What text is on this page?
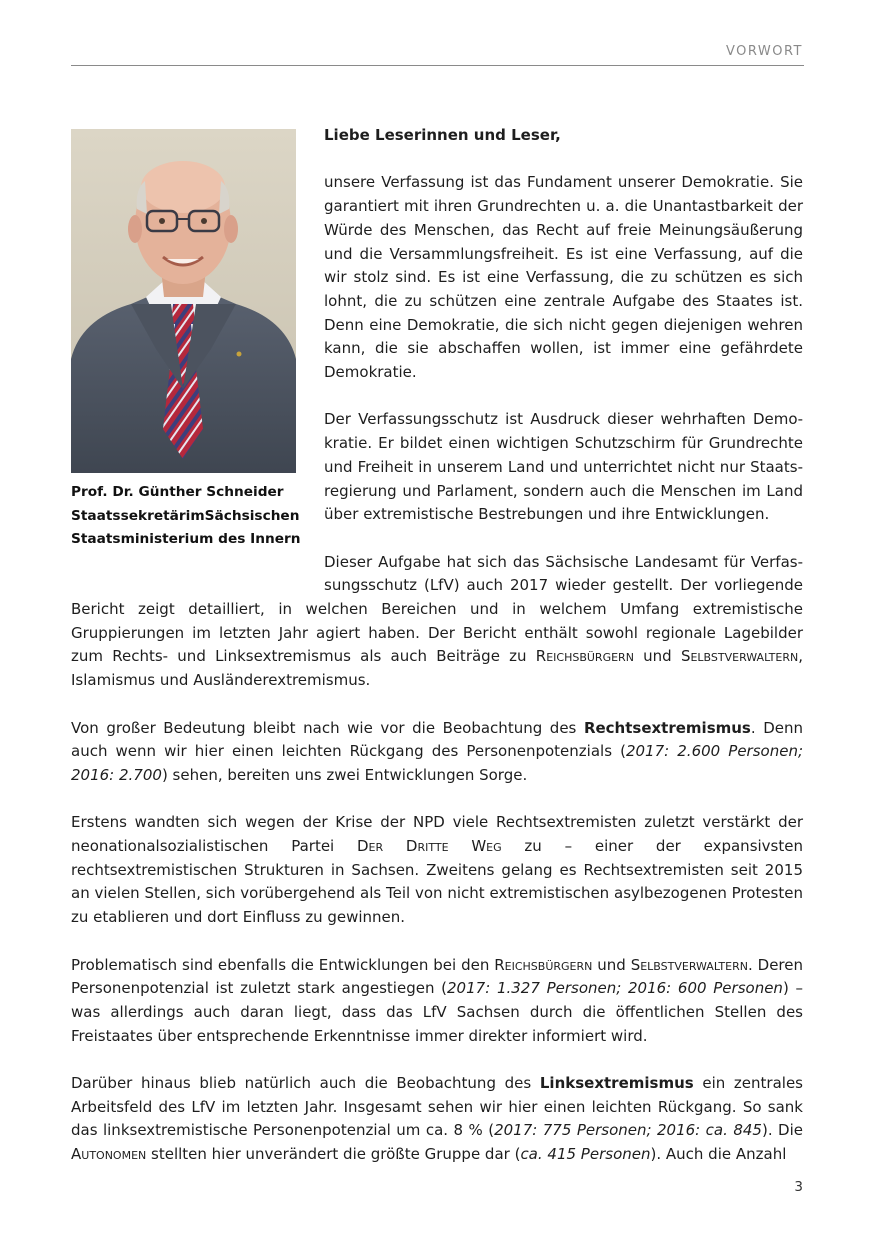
VORWORT
Prof. Dr. Günther Schneider
Staatssekretär im Sächsischen
Staatsministerium des Innern

Liebe Leserinnen und Leser,

unsere Verfassung ist das Fundament unserer Demokratie. Sie garantiert mit ihren Grundrechten u. a. die Unantastbarkeit der Würde des Menschen, das Recht auf freie Meinungsäußerung und die Versammlungsfreiheit. Es ist eine Verfassung, auf die wir stolz sind. Es ist eine Verfassung, die zu schützen es sich lohnt, die zu schützen eine zentrale Aufgabe des Staates ist. Denn eine Demokratie, die sich nicht gegen diejenigen wehren kann, die sie abschaffen wollen, ist immer eine gefährdete Demokratie.

Der Verfassungsschutz ist Ausdruck dieser wehrhaften Demokratie. Er bildet einen wichtigen Schutzschirm für Grundrechte und Freiheit in unserem Land und unterrichtet nicht nur Staatsregierung und Parlament, sondern auch die Menschen im Land über extremistische Bestrebungen und ihre Entwicklungen.

Dieser Aufgabe hat sich das Sächsische Landesamt für Verfassungsschutz (LfV) auch 2017 wieder gestellt. Der vorliegende Bericht zeigt detailliert, in welchen Bereichen und in welchem Umfang extremistische Gruppierungen im letzten Jahr agiert haben. Der Bericht enthält sowohl regionale Lagebilder zum Rechts- und Linksextremismus als auch Beiträge zu Reichsbürgern und Selbstverwaltern, Islamismus und Ausländerextremismus.

Von großer Bedeutung bleibt nach wie vor die Beobachtung des Rechtsextremismus. Denn auch wenn wir hier einen leichten Rückgang des Personenpotenzials (2017: 2.600 Personen; 2016: 2.700) sehen, bereiten uns zwei Entwicklungen Sorge.

Erstens wandten sich wegen der Krise der NPD viele Rechtsextremisten zuletzt verstärkt der neonationalsozialistischen Partei Der Dritte Weg zu – einer der expansivsten rechtsextremistischen Strukturen in Sachsen. Zweitens gelang es Rechtsextremisten seit 2015 an vielen Stellen, sich vorübergehend als Teil von nicht extremistischen asylbezogenen Protesten zu etablieren und dort Einfluss zu gewinnen.

Problematisch sind ebenfalls die Entwicklungen bei den Reichsbürgern und Selbstverwaltern. Deren Personenpotenzial ist zuletzt stark angestiegen (2017: 1.327 Personen; 2016: 600 Personen) – was allerdings auch daran liegt, dass das LfV Sachsen durch die öffentlichen Stellen des Freistaates über entsprechende Erkenntnisse immer direkter informiert wird.

Darüber hinaus blieb natürlich auch die Beobachtung des Linksextremismus ein zentrales Arbeitsfeld des LfV im letzten Jahr. Insgesamt sehen wir hier einen leichten Rückgang. So sank das linksextremistische Personenpotenzial um ca. 8 % (2017: 775 Personen; 2016: ca. 845). Die Autonomen stellten hier unverändert die größte Gruppe dar (ca. 415 Personen). Auch die Anzahl

3
